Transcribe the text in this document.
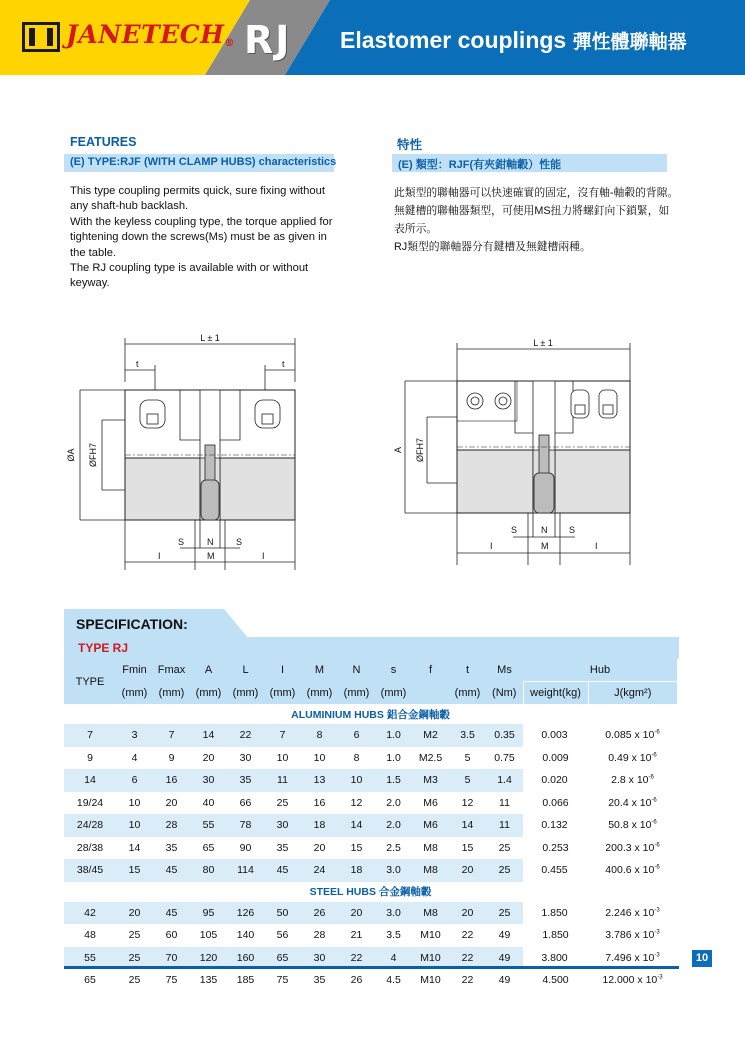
JANETECH® RJ Elastomer couplings 彈性體聯軸器
FEATURES	特性
(E) TYPE:RJF (WITH CLAMP HUBS) characteristics	(E) 類型：RJF(有夾鉗軸轂）性能

This type coupling permits quick, sure fixing without any shaft-hub backlash.

With the keyless coupling type, the torque applied for tightening down the screws(Ms) must be as given in the table.

The RJ coupling type is available with or without keyway.

此類型的聯軸器可以快速確實的固定，沒有軸-軸轂的背隙。

無鍵槽的聯軸器類型，可使用MS扭力將螺釘向下鎖緊，如表所示。

RJ類型的聯軸器分有鍵槽及無鍵槽兩種。

L ± 1
t	t
ØA ØFH7
S	N	S
I	M	I
L ± 1
A ØFH7
S	N S
I	M	I
SPECIFICATION:
TYPE RJ
TYPE	Fmin	Fmax	A	L	I	M	N	s	f	t	Ms	Hub	
	(mm)	(mm)	(mm)	(mm)	(mm)	(mm)	(mm)	(mm)		(mm)	(Nm)	weight(kg)	J(kgm²)
ALUMINIUM HUBS 鋁合金鋼軸轂													
7	3	7	14	22	7	8	6	1.0	M2	3.5	0.35	0.003	0.085 x $10^{-6}$
9	4	9	20	30	10	10	8	1.0	M2.5	5	0.75	0.009	0.49 x $10^{-6}$
14	6	16	30	35	11	13	10	1.5	M3	5	1.4	0.020	2.8 x $10^{-6}$
19/24	10	20	40	66	25	16	12	2.0	M6	12	11	0.066	20.4 x $10^{-6}$
24/28	10	28	55	78	30	18	14	2.0	M6	14	11	0.132	50.8 x $10^{-6}$
28/38	14	35	65	90	35	20	15	2.5	M8	15	25	0.253	200.3 x $10^{-6}$
38/45	15	45	80	114	45	24	18	3.0	M8	20	25	0.455	400.6 x $10^{-6}$
STEEL HUBS 合金鋼軸轂													
42	20	45	95	126	50	26	20	3.0	M8	20	25	1.850	2.246 x $10^{-3}$
48	25	60	105	140	56	28	21	3.5	M10	22	49	1.850	3.786 x $10^{-3}$
55	25	70	120	160	65	30	22	4	M10	22	49	3.800	7.496 x $10^{-3}$
65	25	75	135	185	75	35	26	4.5	M10	22	49	4.500	12.000 x $10^{-3}$
10
